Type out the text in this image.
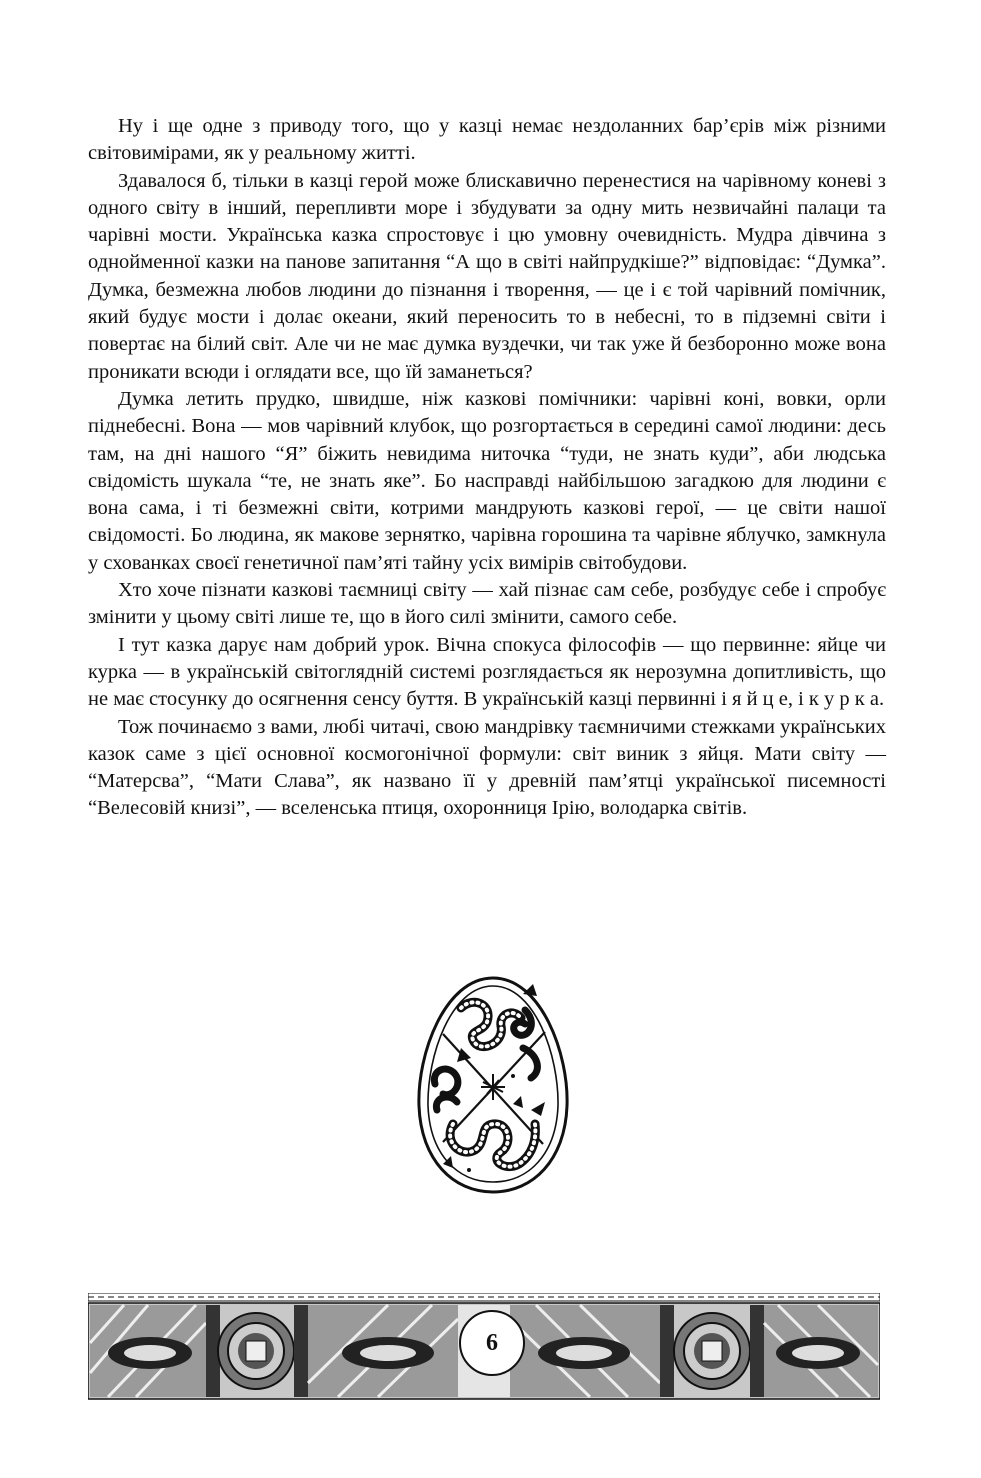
Ну і ще одне з приводу того, що у казці немає нездоланних бар’єрів між різними світовимірами, як у реальному житті.

Здавалося б, тільки в казці герой може блискавично перенестися на чарівному коневі з одного світу в інший, перепливти море і збудувати за одну мить незвичайні палаци та чарівні мости. Українська казка спростовує і цю умовну очевидність. Мудра дівчина з однойменної казки на панове запитання “А що в світі найпрудкіше?” відповідає: “Думка”. Думка, безмежна любов людини до пізнання і творення, — це і є той чарівний помічник, який будує мости і долає океани, який переносить то в небесні, то в підземні світи і повертає на білий світ. Але чи не має думка вуздечки, чи так уже й безборонно може вона проникати всюди і оглядати все, що їй заманеться?

Думка летить прудко, швидше, ніж казкові помічники: чарівні коні, вовки, орли піднебесні. Вона — мов чарівний клубок, що розгортається в середині самої людини: десь там, на дні нашого “Я” біжить невидима ниточка “туди, не знать куди”, аби людська свідомість шукала “те, не знать яке”. Бо насправді найбільшою загадкою для людини є вона сама, і ті безмежні світи, котрими мандрують казкові герої, — це світи нашої свідомості. Бо людина, як макове зернятко, чарівна горошина та чарівне яблучко, замкнула у схованках своєї генетичної пам’яті тайну усіх вимірів світобудови.

Хто хоче пізнати казкові таємниці світу — хай пізнає сам себе, розбудує себе і спробує змінити у цьому світі лише те, що в його силі змінити, самого себе.

І тут казка дарує нам добрий урок. Вічна спокуса філософів — що первинне: яйце чи курка — в українській світоглядній системі розглядається як нерозумна допитливість, що не має стосунку до осягнення сенсу буття. В українській казці первинні і я й ц е, і к у р к а.

Тож починаємо з вами, любі читачі, свою мандрівку таємничими стежками українських казок саме з цієї основної космогонічної формули: світ виник з яйця. Мати світу — “Матерсва”, “Мати Слава”, як названо її у древній пам’ятці української писемності “Велесовій книзі”, — вселенська птиця, охоронниця Ірію, володарка світів.

6
